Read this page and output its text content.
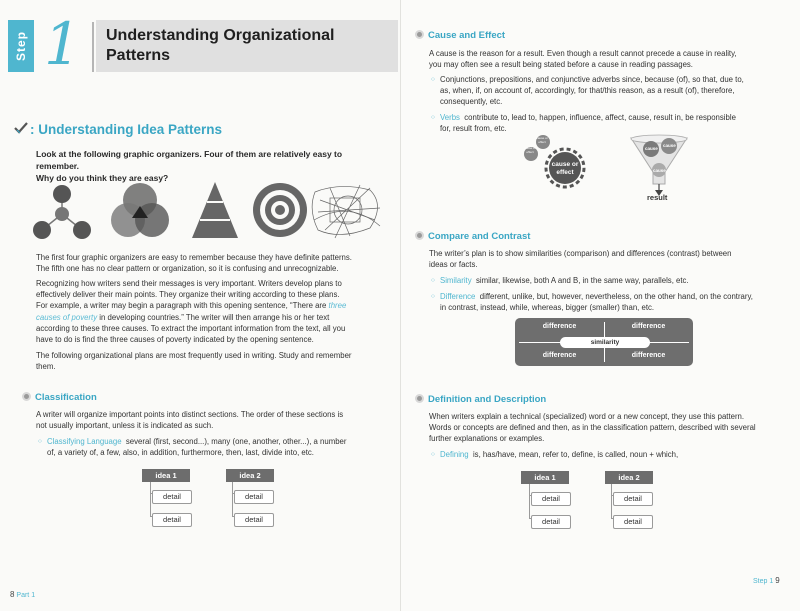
Step 1 Understanding Organizational
Patterns
: Understanding Idea Patterns
Look at the following graphic organizers. Four of them are relatively easy to remember.
Why do you think they are easy?
The first four graphic organizers are easy to remember because they have definite patterns.
The fifth one has no clear pattern or organization, so it is confusing and unrecognizable.
Recognizing how writers send their messages is very important. Writers develop plans to
effectively deliver their main points. They organize their writing according to these plans.
For example, a writer may begin a paragraph with this opening sentence, “There are three
causes of poverty in developing countries.” The writer will then arrange his or her text
according to these three causes. To extract the important information from the text, all you
have to do is find the three causes of poverty indicated by the opening sentence.
The following organizational plans are most frequently used in writing. Study and remember
them.
Classification
A writer will organize important points into distinct sections. The order of these sections is
not usually important, unless it is indicated as such.
○ Classifying Language several (first, second...), many (one, another, other...), a number
of, a variety of, a few, also, in addition, furthermore, then, last, divide into, etc.
idea 1
detail
detail
idea 2
detail
detail
8 Part 1
Cause and Effect
A cause is the reason for a result. Even though a result cannot precede a cause in reality,
you may often see a result being stated before a cause in reading passages.
○ Conjunctions, prepositions, and conjunctive adverbs since, because (of), so that, due to,
as, when, if, on account of, accordingly, for that/this reason, as a result (of), therefore,
consequently, etc.
○ Verbs contribute to, lead to, happen, influence, affect, cause, result in, be responsible
for, result from, etc.
cause or effect
cause or effect
cause or
effect
cause
cause
cause
result
Compare and Contrast
The writer’s plan is to show similarities (comparison) and differences (contrast) between
ideas or facts.
○ Similarity similar, likewise, both A and B, in the same way, parallels, etc.
○ Difference different, unlike, but, however, nevertheless, on the other hand, on the contrary,
in contrast, instead, while, whereas, bigger (smaller) than, etc.
difference	difference
difference	difference
similarity
Definition and Description
When writers explain a technical (specialized) word or a new concept, they use this pattern.
Words or concepts are defined and then, as in the classification pattern, described with several
further explanations or examples.
○ Defining is, has/have, mean, refer to, define, is called, noun + which,
idea 1
detail
detail
idea 2
detail
detail
Step 1 9
